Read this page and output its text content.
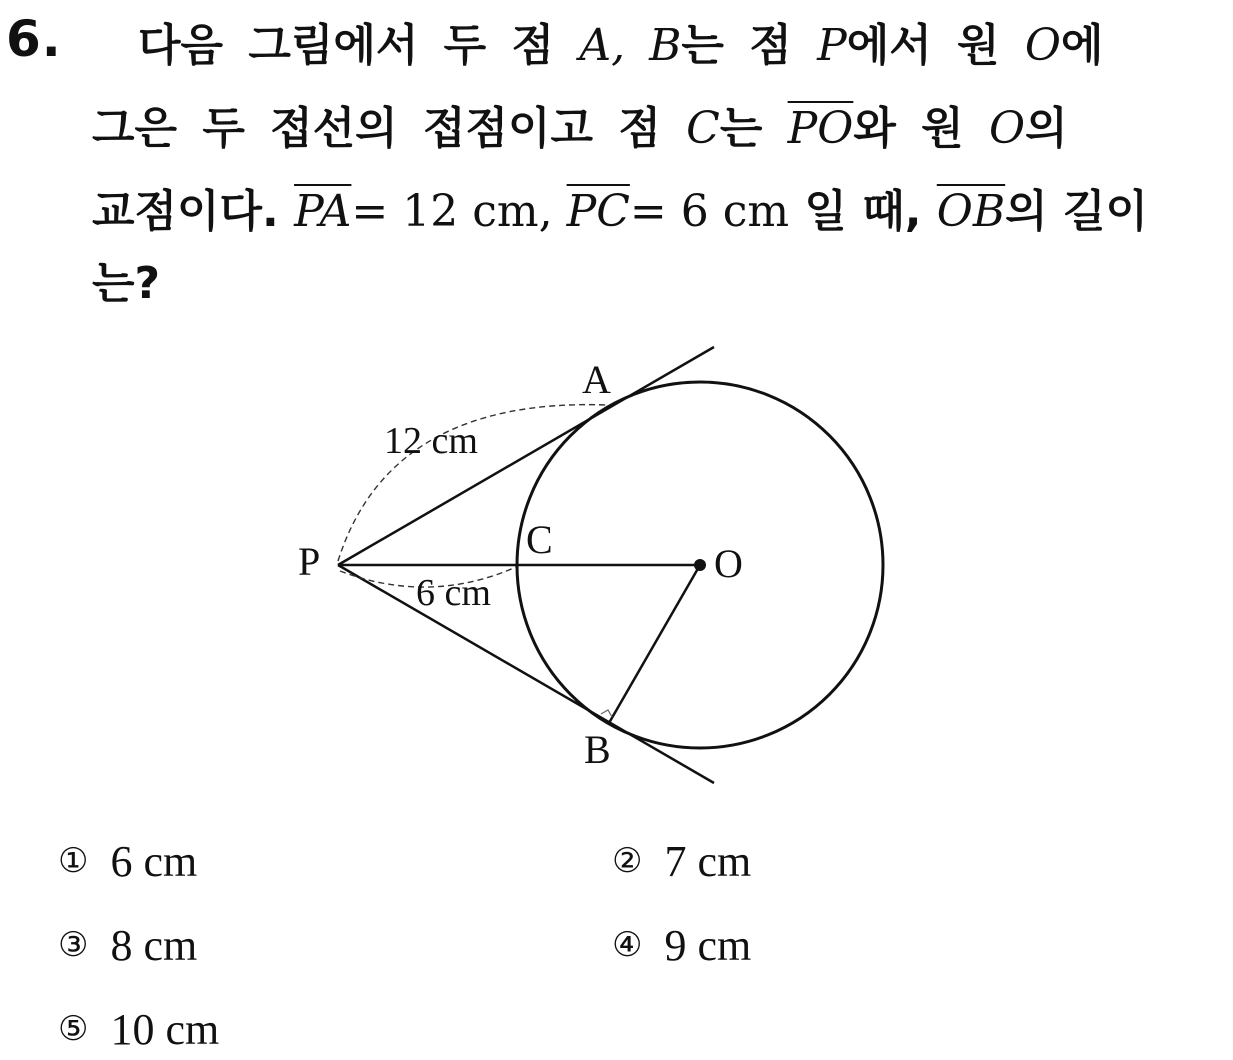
6. 다음 그림에서 두 점 A, B는 점 P에서 원 O에
그은 두 접선의 접점이고 점 C는 $\overline{PO}$와 원 O의
교점이다. $\overline{PA}= 12$ cm, $\overline{PC}= 6$ cm 일 때, $\overline{OB}$의 길이
는?
A
B
C
P	O
12 cm
6 cm
① 6 cm	② 7 cm
③ 8 cm	④ 9 cm
⑤ 10 cm
